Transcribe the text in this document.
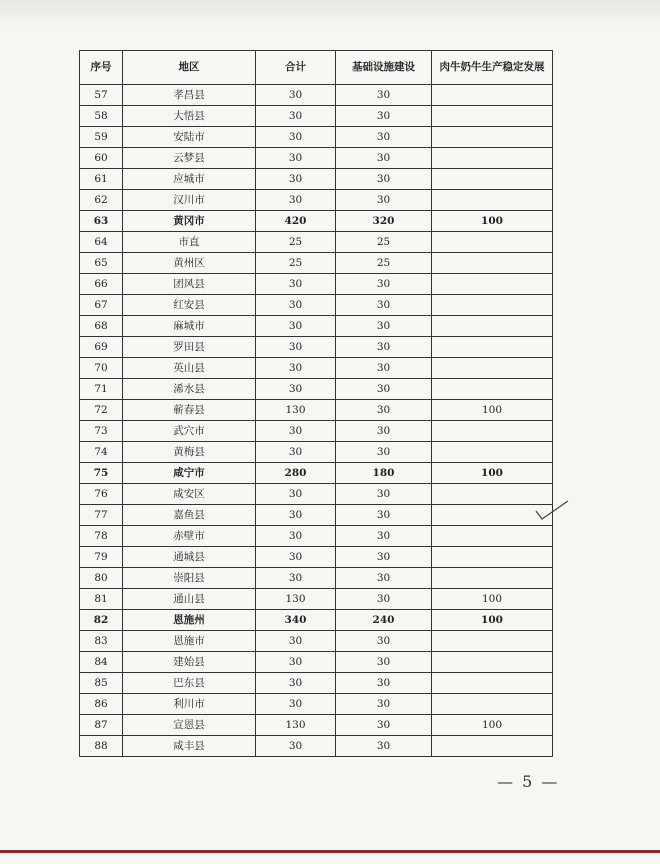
序号	地区	合计	基础设施建设	肉牛奶牛生产稳定发展
57	孝昌县	30	30	
58	大悟县	30	30	
59	安陆市	30	30	
60	云梦县	30	30	
61	应城市	30	30	
62	汉川市	30	30	
63	黄冈市	420	320	100
64	市直	25	25	
65	黄州区	25	25	
66	团风县	30	30	
67	红安县	30	30	
68	麻城市	30	30	
69	罗田县	30	30	
70	英山县	30	30	
71	浠水县	30	30	
72	蕲春县	130	30	100
73	武穴市	30	30	
74	黄梅县	30	30	
75	咸宁市	280	180	100
76	咸安区	30	30	
77	嘉鱼县	30	30	
78	赤壁市	30	30	
79	通城县	30	30	
80	崇阳县	30	30	
81	通山县	130	30	100
82	恩施州	340	240	100
83	恩施市	30	30	
84	建始县	30	30	
85	巴东县	30	30	
86	利川市	30	30	
87	宣恩县	130	30	100
88	咸丰县	30	30	
— 5 —
